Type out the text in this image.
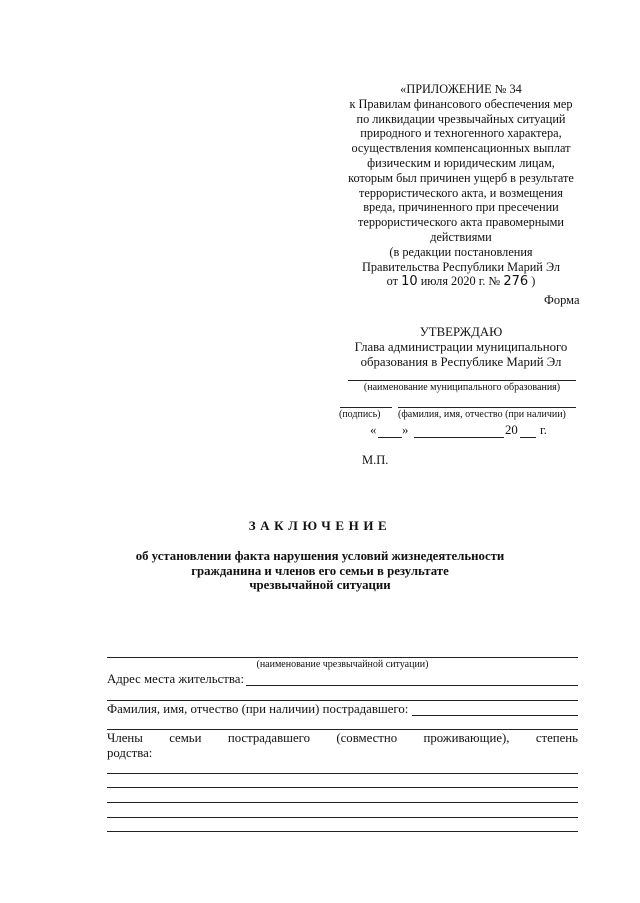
«ПРИЛОЖЕНИЕ № 34
к Правилам финансового обеспечения мер
по ликвидации чрезвычайных ситуаций
природного и техногенного характера,
осуществления компенсационных выплат
физическим и юридическим лицам,
которым был причинен ущерб в результате
террористического акта, и возмещения
вреда, причиненного при пресечении
террористического акта правомерными
действиями
(в редакции постановления
Правительства Республики Марий Эл
от 10 июля 2020 г. № 276 )
Форма
УТВЕРЖДАЮ
Глава администрации муниципального
образования в Республике Марий Эл
(наименование муниципального образования)
(подпись) (фамилия, имя, отчество (при наличии)
« »	20 г.
М.П.
ЗАКЛЮЧЕНИЕ
об установлении факта нарушения условий жизнедеятельности
гражданина и членов его семьи в результате
чрезвычайной ситуации
(наименование чрезвычайной ситуации)
Адрес места жительства:
Фамилия, имя, отчество (при наличии) пострадавшего:
Члены семьи пострадавшего (совместно проживающие), степень
родства:
